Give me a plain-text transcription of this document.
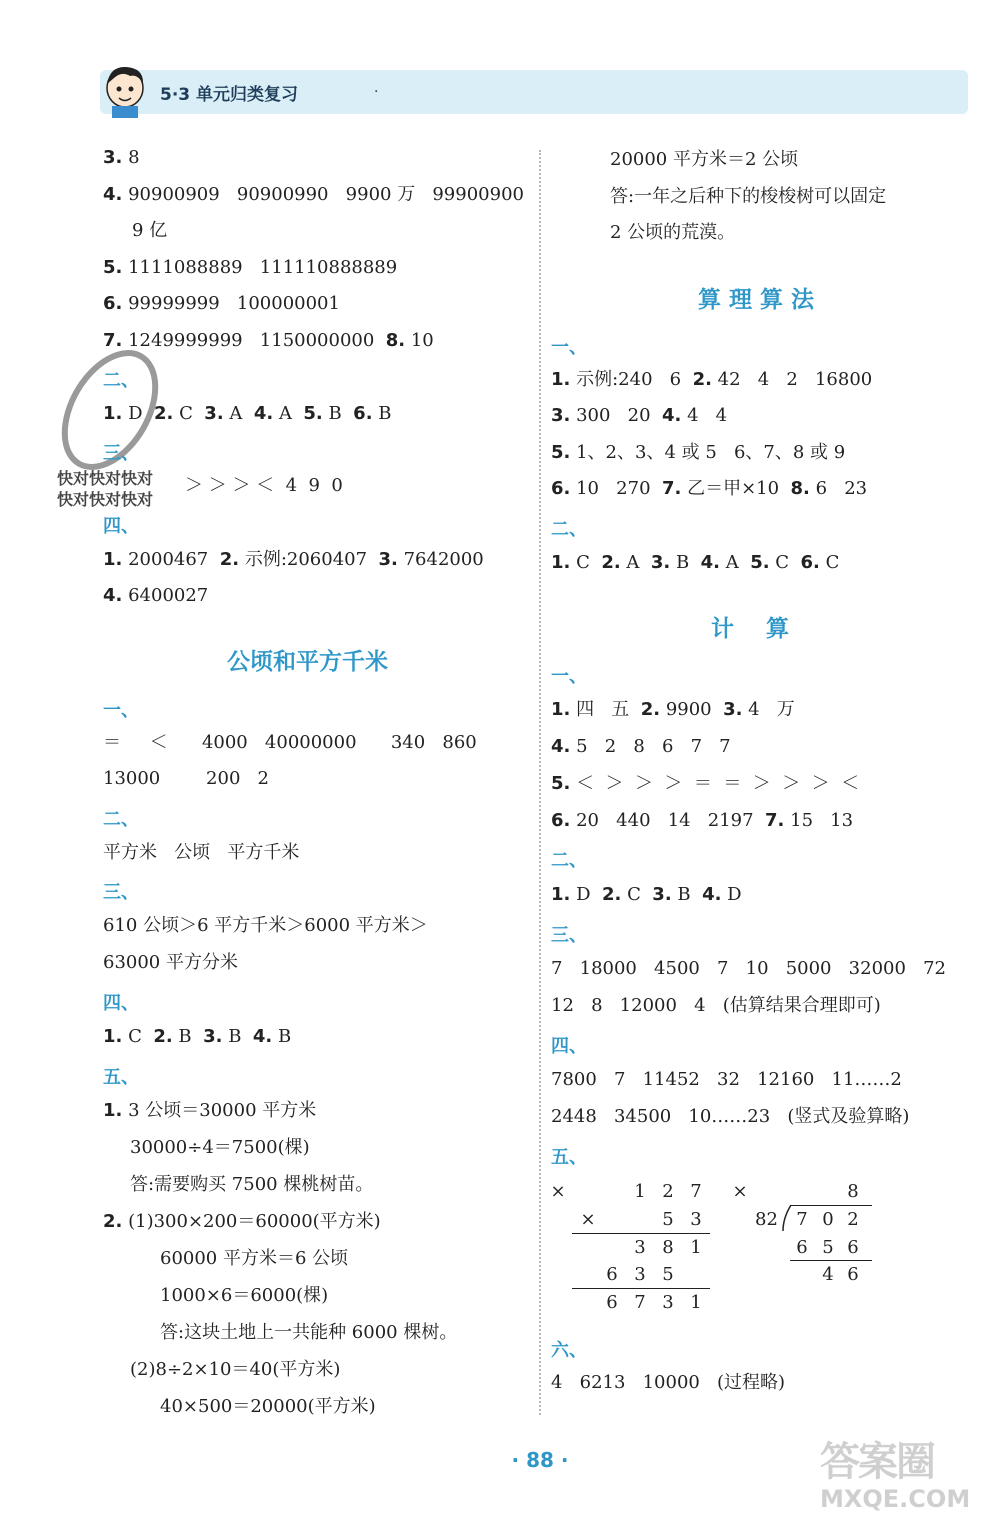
5·3 单元归类复习	·
快对快对快对
快对快对快对
3. 8
4. 90900909   90900990   9900 万   99900900
9 亿
5. 1111088889   111110888889
6. 99999999   100000001
7. 1249999999   1150000000  8. 10
二、
1. D  2. C  3. A  4. A  5. B  6. B
三、
＞ ＞ ＞ ＜  4  9  0
四、
1. 2000467  2. 示例:2060407  3. 7642000
4. 6400027
公顷和平方千米
一、
＝     ＜      4000   40000000      340   860
13000        200   2
二、
平方米   公顷   平方千米
三、
610 公顷＞6 平方千米＞6000 平方米＞
63000 平方分米
四、
1. C  2. B  3. B  4. B
五、
1. 3 公顷＝30000 平方米
30000÷4＝7500(棵)
答:需要购买 7500 棵桃树苗。
2. (1)300×200＝60000(平方米)
60000 平方米＝6 公顷
1000×6＝6000(棵)
答:这块土地上一共能种 6000 棵树。
(2)8÷2×10＝40(平方米)
40×500＝20000(平方米)
20000 平方米＝2 公顷
答:一年之后种下的梭梭树可以固定
2 公顷的荒漠。
算 理 算 法
一、
1. 示例:240   6  2. 42   4   2   16800
3. 300   20  4. 4   4
5. 1、2、3、4 或 5   6、7、8 或 9
6. 10   270  7. 乙＝甲×10  8. 6   23
二、
1. C  2. A  3. B  4. A  5. C  6. C
计    算
一、
1. 四   五  2. 9900  3. 4   万
4. 5   2   8   6   7   7
5. ＜  ＞  ＞  ＞  ＝  ＝  ＞  ＞  ＞  ＜
6. 20   440   14   2197  7. 15   13
二、
1. D  2. C  3. B  4. D
三、
7   18000   4500   7   10   5000   32000   72
12   8   12000   4   (估算结果合理即可)
四、
7800   7   11452   32   12160   11……2
2448   34500   10……23   (竖式及验算略)
五、
×	1 2 7
×	5 3
3 8 1
6 3 5
6 7 3 1
×	8
82 7 0 2
6 5 6
4 6
六、
4   6213   10000   (过程略)
· 88 ·	答案圈
MXQE.COM
